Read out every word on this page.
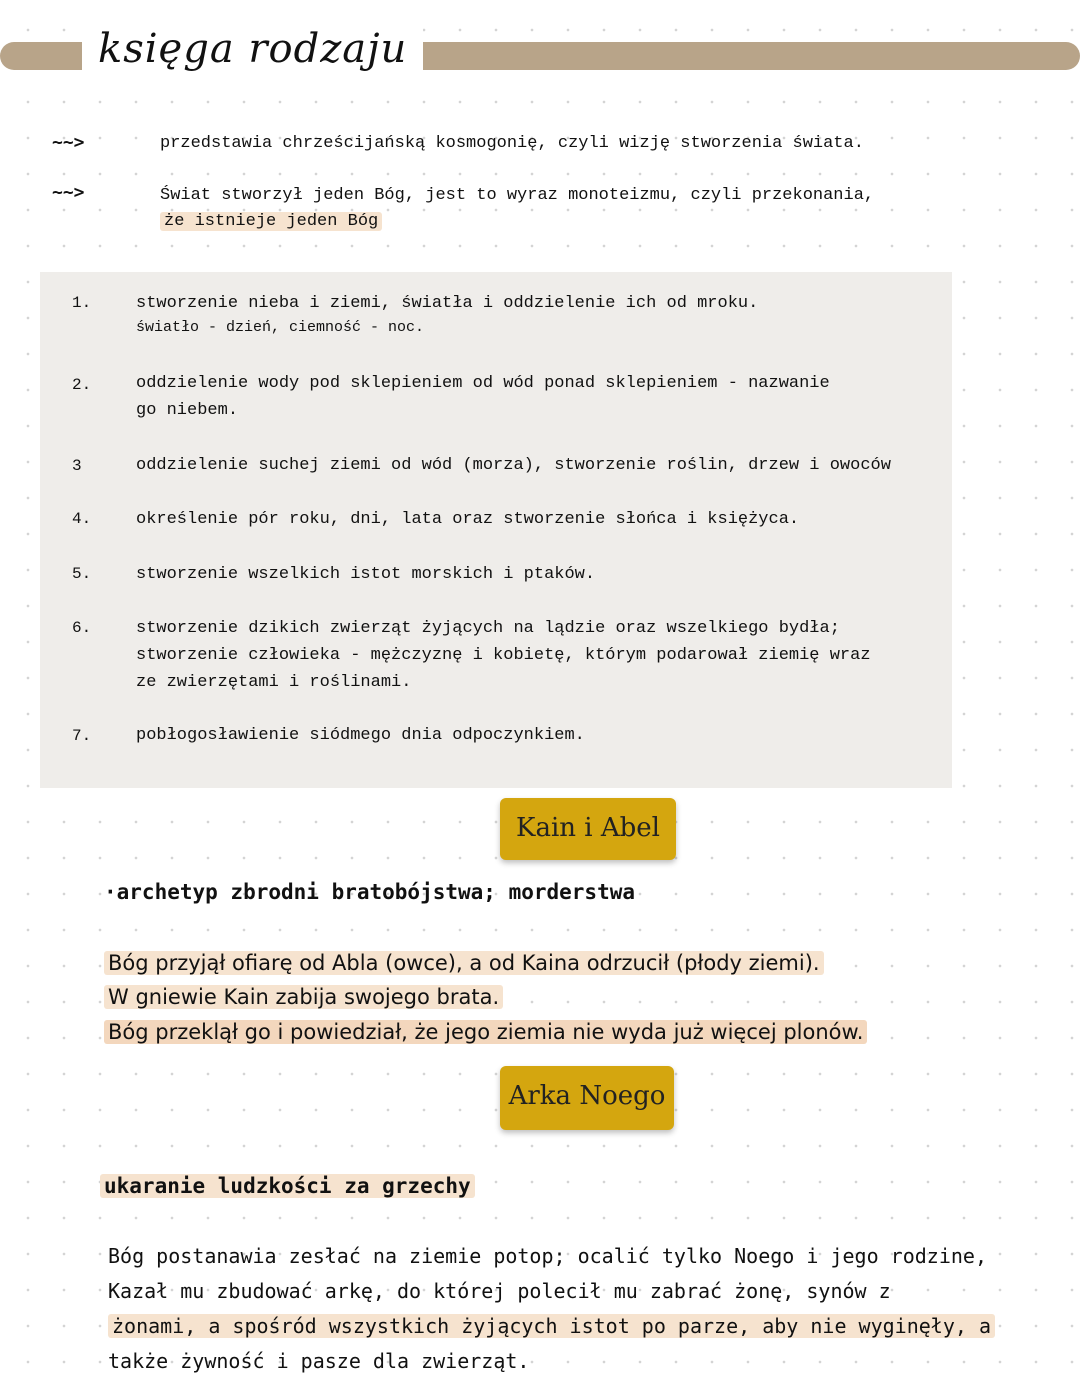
księga rodzaju
~~>	przedstawia chrześcijańską kosmogonię, czyli wizję stworzenia świata.
~~>	Świat stworzył jeden Bóg, jest to wyraz monoteizmu, czyli przekonania,
że istnieje jeden Bóg
1.	stworzenie nieba i ziemi, światła i oddzielenie ich od mroku.
światło - dzień, ciemność - noc.
2.	oddzielenie wody pod sklepieniem od wód ponad sklepieniem - nazwanie
go niebem.
3	oddzielenie suchej ziemi od wód (morza), stworzenie roślin, drzew i owoców
4.	określenie pór roku, dni, lata oraz stworzenie słońca i księżyca.
5.	stworzenie wszelkich istot morskich i ptaków.
6.	stworzenie dzikich zwierząt żyjących na lądzie oraz wszelkiego bydła;
stworzenie człowieka - mężczyznę i kobietę, którym podarował ziemię wraz
ze zwierzętami i roślinami.
7.	pobłogosławienie siódmego dnia odpoczynkiem.
Kain i Abel
·archetyp zbrodni bratobójstwa; morderstwa
Bóg przyjął ofiarę od Abla (owce), a od Kaina odrzucił (płody ziemi).
W gniewie Kain zabija swojego brata.
Bóg przeklął go i powiedział, że jego ziemia nie wyda już więcej plonów.
Arka Noego
ukaranie ludzkości za grzechy
Bóg postanawia zesłać na ziemie potop; ocalić tylko Noego i jego rodzine,
Kazał mu zbudować arkę, do której polecił mu zabrać żonę, synów z
żonami, a spośród wszystkich żyjących istot po parze, aby nie wyginęły, a
także żywność i pasze dla zwierząt.
